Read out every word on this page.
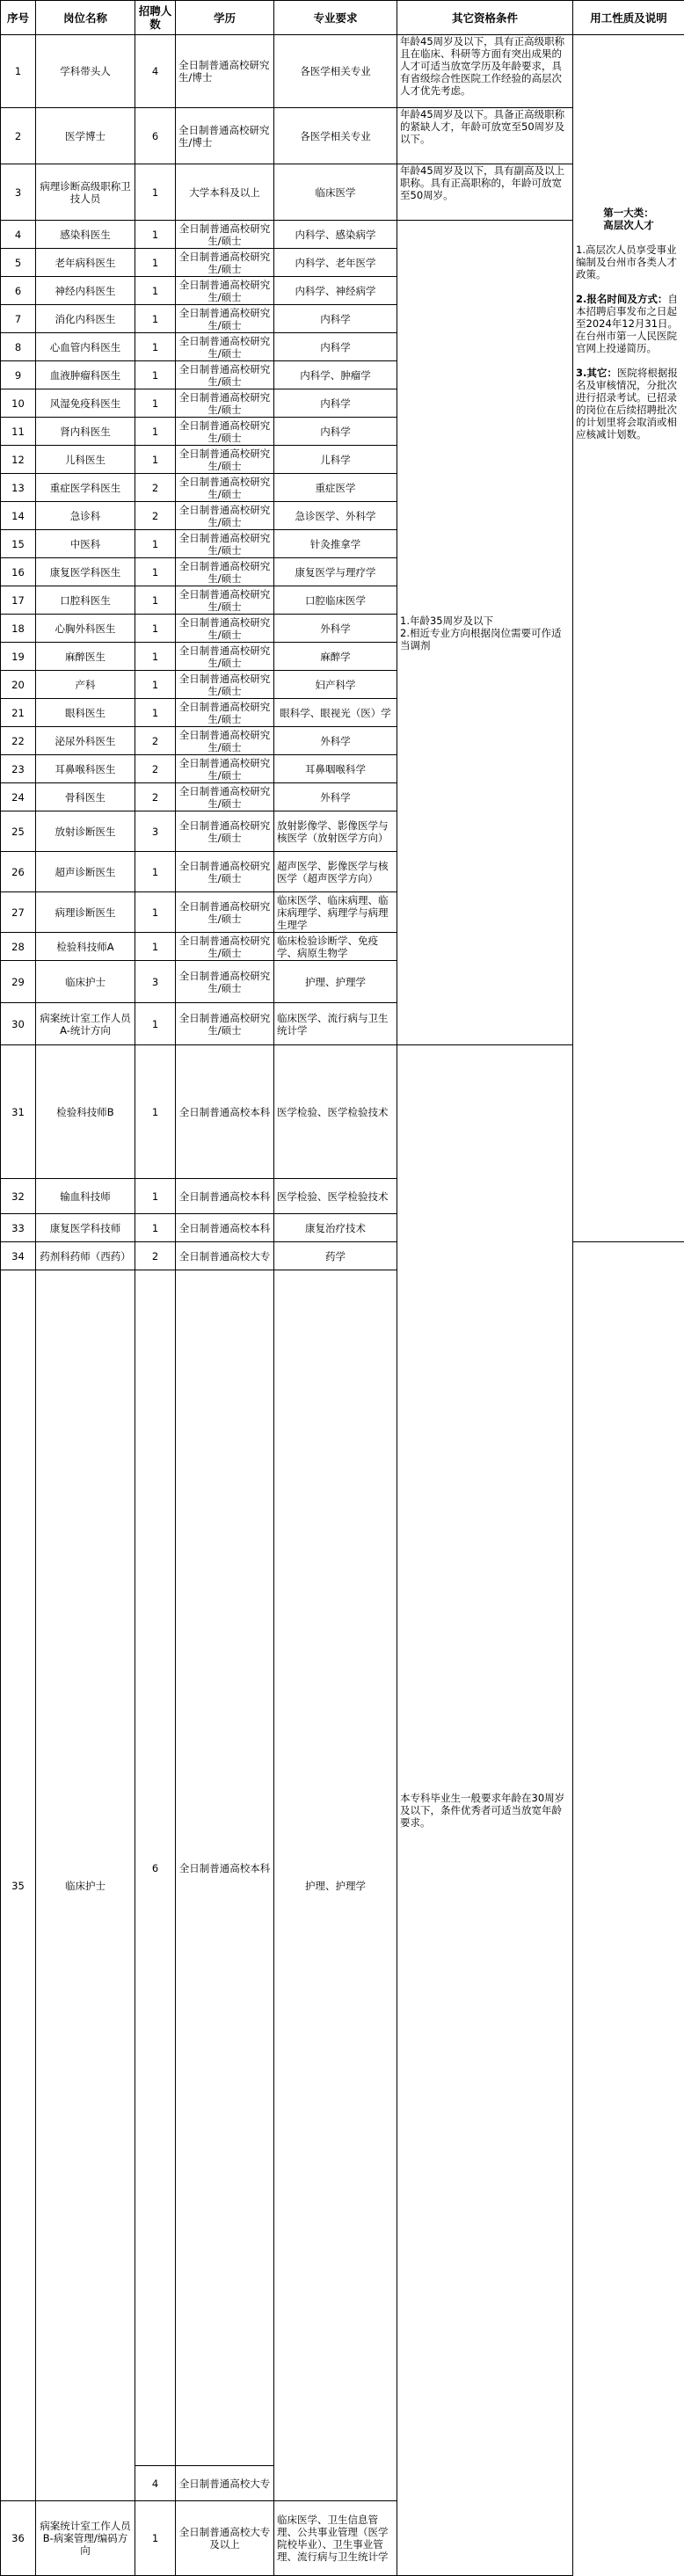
序号	岗位名称	招聘人数	学历	专业要求	其它资格条件	用工性质及说明	
1	学科带头人	4	全日制普通高校研究生/博士	各医学相关专业	年龄45周岁及以下，具有正高级职称且在临床、科研等方面有突出成果的人才可适当放宽学历及年龄要求，具有省级综合性医院工作经验的高层次人才优先考虑。	第一大类：
高层次人才
1.高层次人员享受事业编制及台州市各类人才政策。
2.报名时间及方式：自本招聘启事发布之日起至2024年12月31日。在台州市第一人民医院官网上投递简历。
3.其它：医院将根据报名及审核情况，分批次进行招录考试。已招录的岗位在后续招聘批次的计划里将会取消或相应核减计划数。	

2	医学博士	6	全日制普通高校研究生/博士	各医学相关专业	年龄45周岁及以下。具备正高级职称的紧缺人才，年龄可放宽至50周岁及以下。		
3	病理诊断高级职称卫技人员	1	大学本科及以上	临床医学	年龄45周岁及以下，具有副高及以上职称。具有正高职称的，年龄可放宽至50周岁。		
4	感染科医生	1	全日制普通高校研究生/硕士	内科学、感染病学	1.年龄35周岁及以下
2.相近专业方向根据岗位需要可作适当调剂		

5	老年病科医生	1	全日制普通高校研究生/硕士	内科学、老年医学			
6	神经内科医生	1	全日制普通高校研究生/硕士	内科学、神经病学			
7	消化内科医生	1	全日制普通高校研究生/硕士	内科学			
8	心血管内科医生	1	全日制普通高校研究生/硕士	内科学			
9	血液肿瘤科医生	1	全日制普通高校研究生/硕士	内科学、肿瘤学			
10	风湿免疫科医生	1	全日制普通高校研究生/硕士	内科学			
11	肾内科医生	1	全日制普通高校研究生/硕士	内科学			
12	儿科医生	1	全日制普通高校研究生/硕士	儿科学			
13	重症医学科医生	2	全日制普通高校研究生/硕士	重症医学			
14	急诊科	2	全日制普通高校研究生/硕士	急诊医学、外科学			
15	中医科	1	全日制普通高校研究生/硕士	针灸推拿学			
16	康复医学科医生	1	全日制普通高校研究生/硕士	康复医学与理疗学			
17	口腔科医生	1	全日制普通高校研究生/硕士	口腔临床医学			
18	心胸外科医生	1	全日制普通高校研究生/硕士	外科学			
19	麻醉医生	1	全日制普通高校研究生/硕士	麻醉学			
20	产科	1	全日制普通高校研究生/硕士	妇产科学			
21	眼科医生	1	全日制普通高校研究生/硕士	眼科学、眼视光（医）学			
22	泌尿外科医生	2	全日制普通高校研究生/硕士	外科学			
23	耳鼻喉科医生	2	全日制普通高校研究生/硕士	耳鼻咽喉科学			
24	骨科医生	2	全日制普通高校研究生/硕士	外科学			
25	放射诊断医生	3	全日制普通高校研究生/硕士	放射影像学、影像医学与核医学（放射医学方向）			
26	超声诊断医生	1	全日制普通高校研究生/硕士	超声医学、影像医学与核医学（超声医学方向）			
27	病理诊断医生	1	全日制普通高校研究生/硕士	临床医学、临床病理、临床病理学、病理学与病理生理学			
28	检验科技师A	1	全日制普通高校研究生/硕士	临床检验诊断学、免疫学、病原生物学			
29	临床护士	3	全日制普通高校研究生/硕士	护理、护理学			
30	病案统计室工作人员A-统计方向	1	全日制普通高校研究生/硕士	临床医学、流行病与卫生统计学			
31	检验科技师B	1	全日制普通高校本科	医学检验、医学检验技术	本专科毕业生一般要求年龄在30周岁及以下，条件优秀者可适当放宽年龄要求。	

32	输血科技师	1	全日制普通高校本科	医学检验、医学检验技术			
33	康复医学科技师	1	全日制普通高校本科	康复治疗技术			
34	药剂科药师（西药）	2	全日制普通高校大专	药学			
35	临床护士	6	全日制普通高校本科	护理、护理学			
		4	全日制普通高校大专				
36	病案统计室工作人员B-病案管理/编码方向	1	全日制普通高校大专及以上	临床医学、卫生信息管理、公共事业管理（医学院校毕业）、卫生事业管理、流行病与卫生统计学			
